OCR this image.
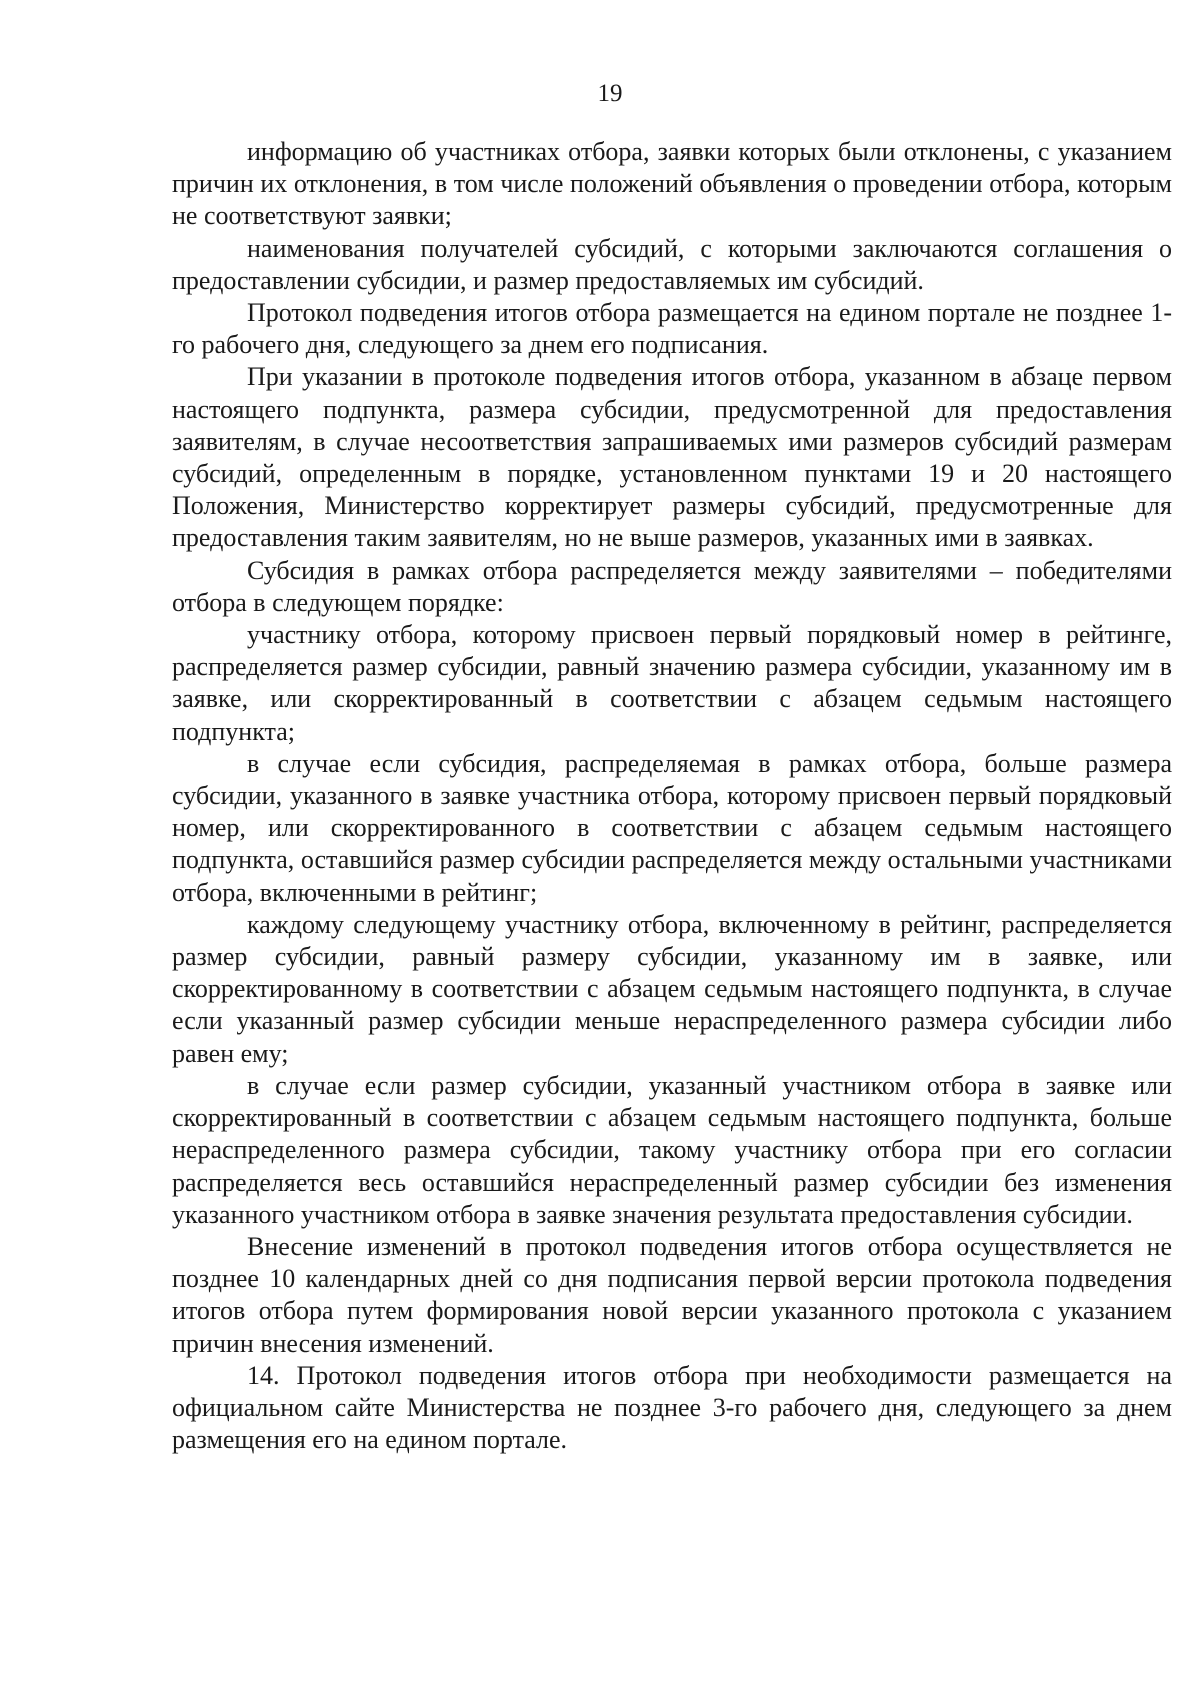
19

информацию об участниках отбора, заявки которых были отклонены, с указанием причин их отклонения, в том числе положений объявления о проведении отбора, которым не соответствуют заявки;

наименования получателей субсидий, с которыми заключаются соглашения о предоставлении субсидии, и размер предоставляемых им субсидий.

Протокол подведения итогов отбора размещается на едином портале не позднее 1-го рабочего дня, следующего за днем его подписания.

При указании в протоколе подведения итогов отбора, указанном в абзаце первом настоящего подпункта, размера субсидии, предусмотренной для предоставления заявителям, в случае несоответствия запрашиваемых ими размеров субсидий размерам субсидий, определенным в порядке, установленном пунктами 19 и 20 настоящего Положения, Министерство корректирует размеры субсидий, предусмотренные для предоставления таким заявителям, но не выше размеров, указанных ими в заявках.

Субсидия в рамках отбора распределяется между заявителями – победителями отбора в следующем порядке:

участнику отбора, которому присвоен первый порядковый номер в рейтинге, распределяется размер субсидии, равный значению размера субсидии, указанному им в заявке, или скорректированный в соответствии с абзацем седьмым настоящего подпункта;

в случае если субсидия, распределяемая в рамках отбора, больше размера субсидии, указанного в заявке участника отбора, которому присвоен первый порядковый номер, или скорректированного в соответствии с абзацем седьмым настоящего подпункта, оставшийся размер субсидии распределяется между остальными участниками отбора, включенными в рейтинг;

каждому следующему участнику отбора, включенному в рейтинг, распределяется размер субсидии, равный размеру субсидии, указанному им в заявке, или скорректированному в соответствии с абзацем седьмым настоящего подпункта, в случае если указанный размер субсидии меньше нераспределенного размера субсидии либо равен ему;

в случае если размер субсидии, указанный участником отбора в заявке или скорректированный в соответствии с абзацем седьмым настоящего подпункта, больше нераспределенного размера субсидии, такому участнику отбора при его согласии распределяется весь оставшийся нераспределенный размер субсидии без изменения указанного участником отбора в заявке значения результата предоставления субсидии.

Внесение изменений в протокол подведения итогов отбора осуществляется не позднее 10 календарных дней со дня подписания первой версии протокола подведения итогов отбора путем формирования новой версии указанного протокола с указанием причин внесения изменений.

14. Протокол подведения итогов отбора при необходимости размещается на официальном сайте Министерства не позднее 3-го рабочего дня, следующего за днем размещения его на едином портале.
